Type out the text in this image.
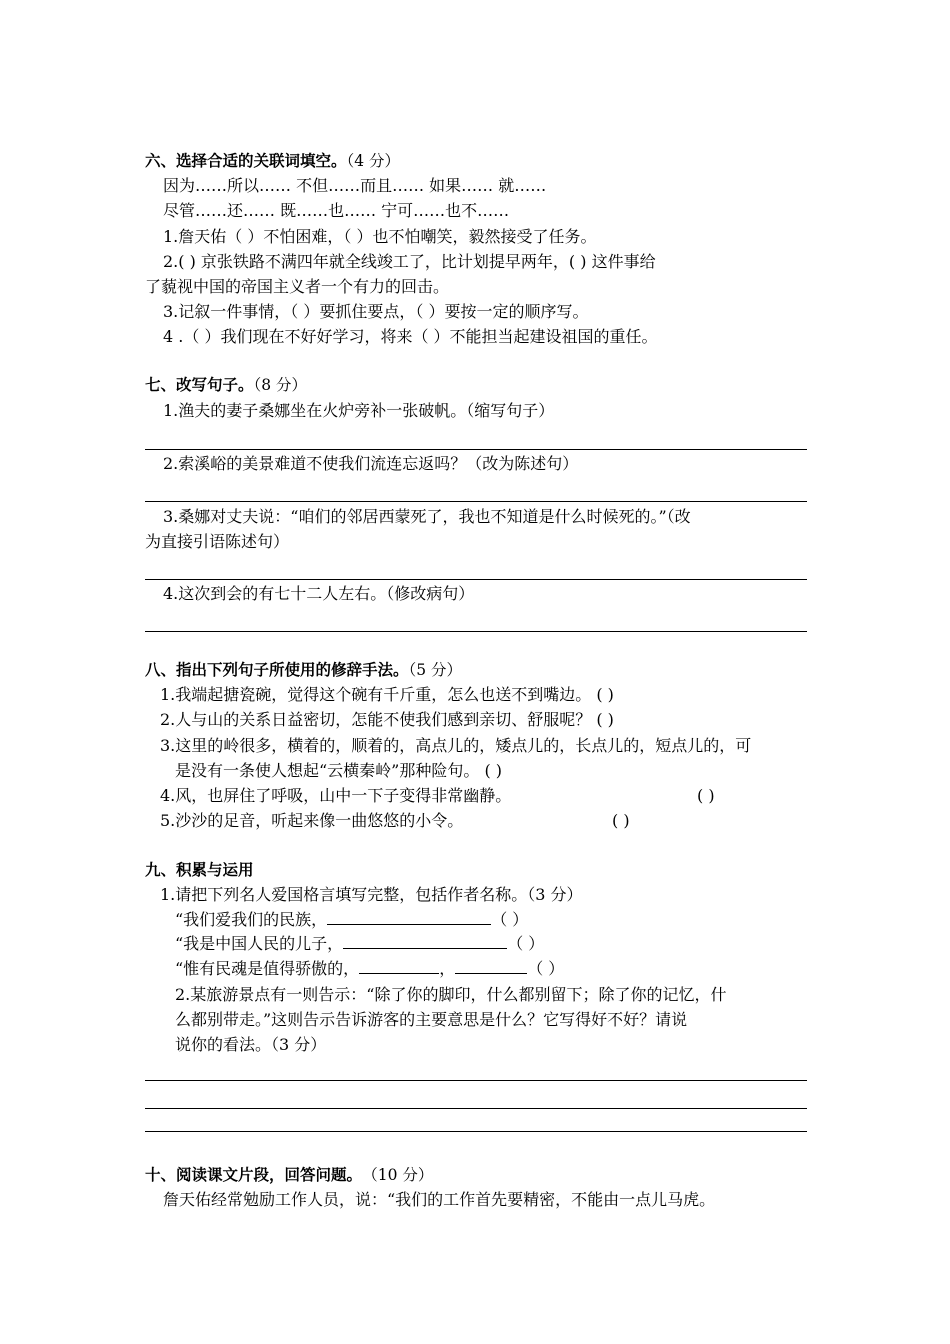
六、选择合适的关联词填空。（4 分）
因为……所以…… 不但……而且…… 如果…… 就……
尽管……还…… 既……也…… 宁可……也不……
1.詹天佑（ ）不怕困难，（ ）也不怕嘲笑，毅然接受了任务。
2.( ) 京张铁路不满四年就全线竣工了，比计划提早两年，( ) 这件事给
了藐视中国的帝国主义者一个有力的回击。
3.记叙一件事情，（ ）要抓住要点，（ ）要按一定的顺序写。
4 .（ ）我们现在不好好学习，将来（ ）不能担当起建设祖国的重任。
七、改写句子。（8 分）
1.渔夫的妻子桑娜坐在火炉旁补一张破帆。（缩写句子）
2.索溪峪的美景难道不使我们流连忘返吗？（改为陈述句）
3.桑娜对丈夫说：“咱们的邻居西蒙死了，我也不知道是什么时候死的。”（改
为直接引语陈述句）
4.这次到会的有七十二人左右。（修改病句）
八、指出下列句子所使用的修辞手法。（5 分）
1.我端起搪瓷碗，觉得这个碗有千斤重，怎么也送不到嘴边。 ( )
2.人与山的关系日益密切，怎能不使我们感到亲切、舒服呢？ ( )
3.这里的岭很多，横着的，顺着的，高点儿的，矮点儿的，长点儿的，短点儿的，可
是没有一条使人想起“云横秦岭”那种险句。 ( )
4.风，也屏住了呼吸，山中一下子变得非常幽静。	( )
5.沙沙的足音，听起来像一曲悠悠的小令。	( )
九、积累与运用
1.请把下列名人爱国格言填写完整，包括作者名称。（3 分）
“我们爱我们的民族，	（ ）
“我是中国人民的儿子，	（ ）
“惟有民魂是值得骄傲的，	，	（ ）
2.某旅游景点有一则告示：“除了你的脚印，什么都别留下；除了你的记忆，什
么都别带走。”这则告示告诉游客的主要意思是什么？它写得好不好？请说
说你的看法。（3 分）
十、阅读课文片段，回答问题。 （10 分）
詹天佑经常勉励工作人员，说：“我们的工作首先要精密，不能由一点儿马虎。
